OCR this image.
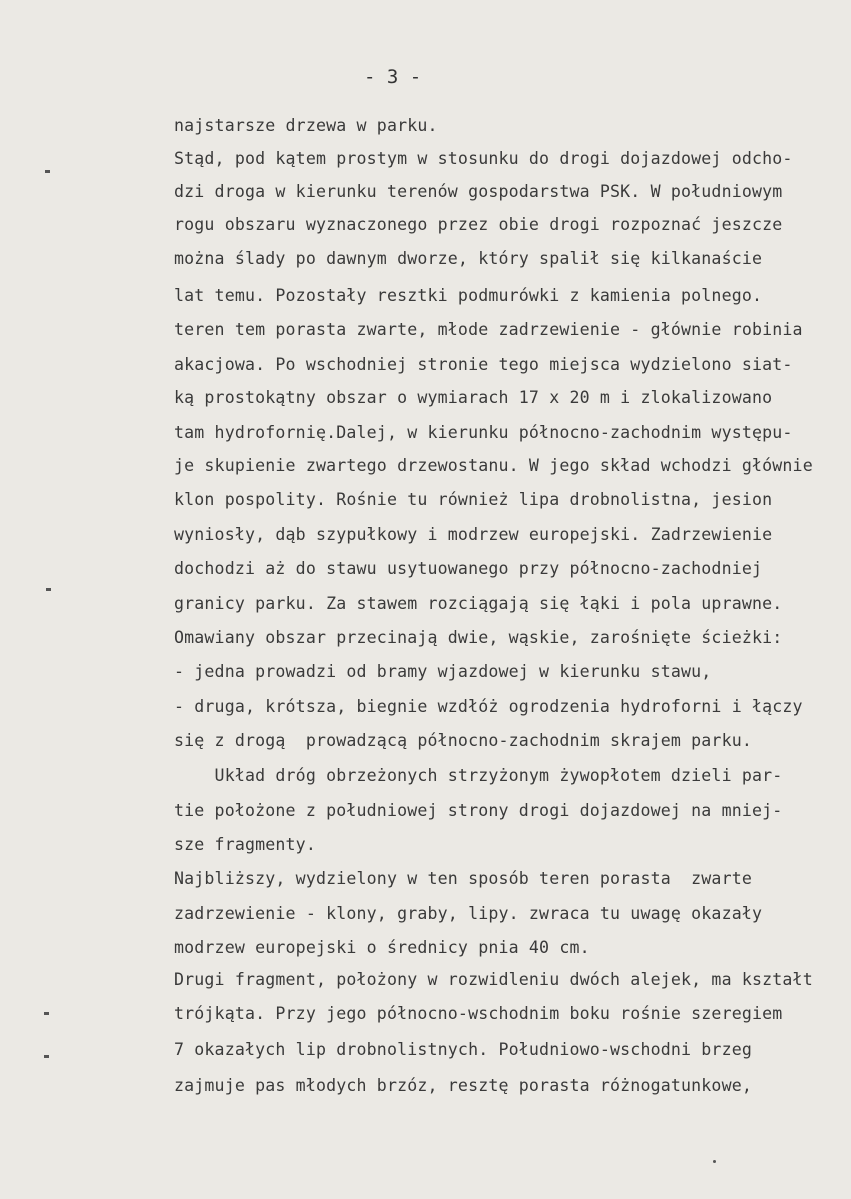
- 3 -
najstarsze drzewa w parku.
Stąd, pod kątem prostym w stosunku do drogi dojazdowej odcho-
dzi droga w kierunku terenów gospodarstwa PSK. W południowym
rogu obszaru wyznaczonego przez obie drogi rozpoznać jeszcze
można ślady po dawnym dworze, który spalił się kilkanaście
lat temu. Pozostały resztki podmurówki z kamienia polnego.
teren tem porasta zwarte, młode zadrzewienie - głównie robinia
akacjowa. Po wschodniej stronie tego miejsca wydzielono siat-
ką prostokątny obszar o wymiarach 17 x 20 m i zlokalizowano
tam hydrofornię.Dalej, w kierunku północno-zachodnim występu-
je skupienie zwartego drzewostanu. W jego skład wchodzi głównie
klon pospolity. Rośnie tu również lipa drobnolistna, jesion
wyniosły, dąb szypułkowy i modrzew europejski. Zadrzewienie
dochodzi aż do stawu usytuowanego przy północno-zachodniej
granicy parku. Za stawem rozciągają się łąki i pola uprawne.
Omawiany obszar przecinają dwie, wąskie, zarośnięte ścieżki:
- jedna prowadzi od bramy wjazdowej w kierunku stawu,
- druga, krótsza, biegnie wzdłóż ogrodzenia hydroforni i łączy
się z drogą  prowadzącą północno-zachodnim skrajem parku.
Układ dróg obrzeżonych strzyżonym żywopłotem dzieli par-
tie położone z południowej strony drogi dojazdowej na mniej-
sze fragmenty.
Najbliższy, wydzielony w ten sposób teren porasta  zwarte
zadrzewienie - klony, graby, lipy. zwraca tu uwagę okazały
modrzew europejski o średnicy pnia 40 cm.
Drugi fragment, położony w rozwidleniu dwóch alejek, ma kształt
trójkąta. Przy jego północno-wschodnim boku rośnie szeregiem
7 okazałych lip drobnolistnych. Południowo-wschodni brzeg
zajmuje pas młodych brzóz, resztę porasta różnogatunkowe,
